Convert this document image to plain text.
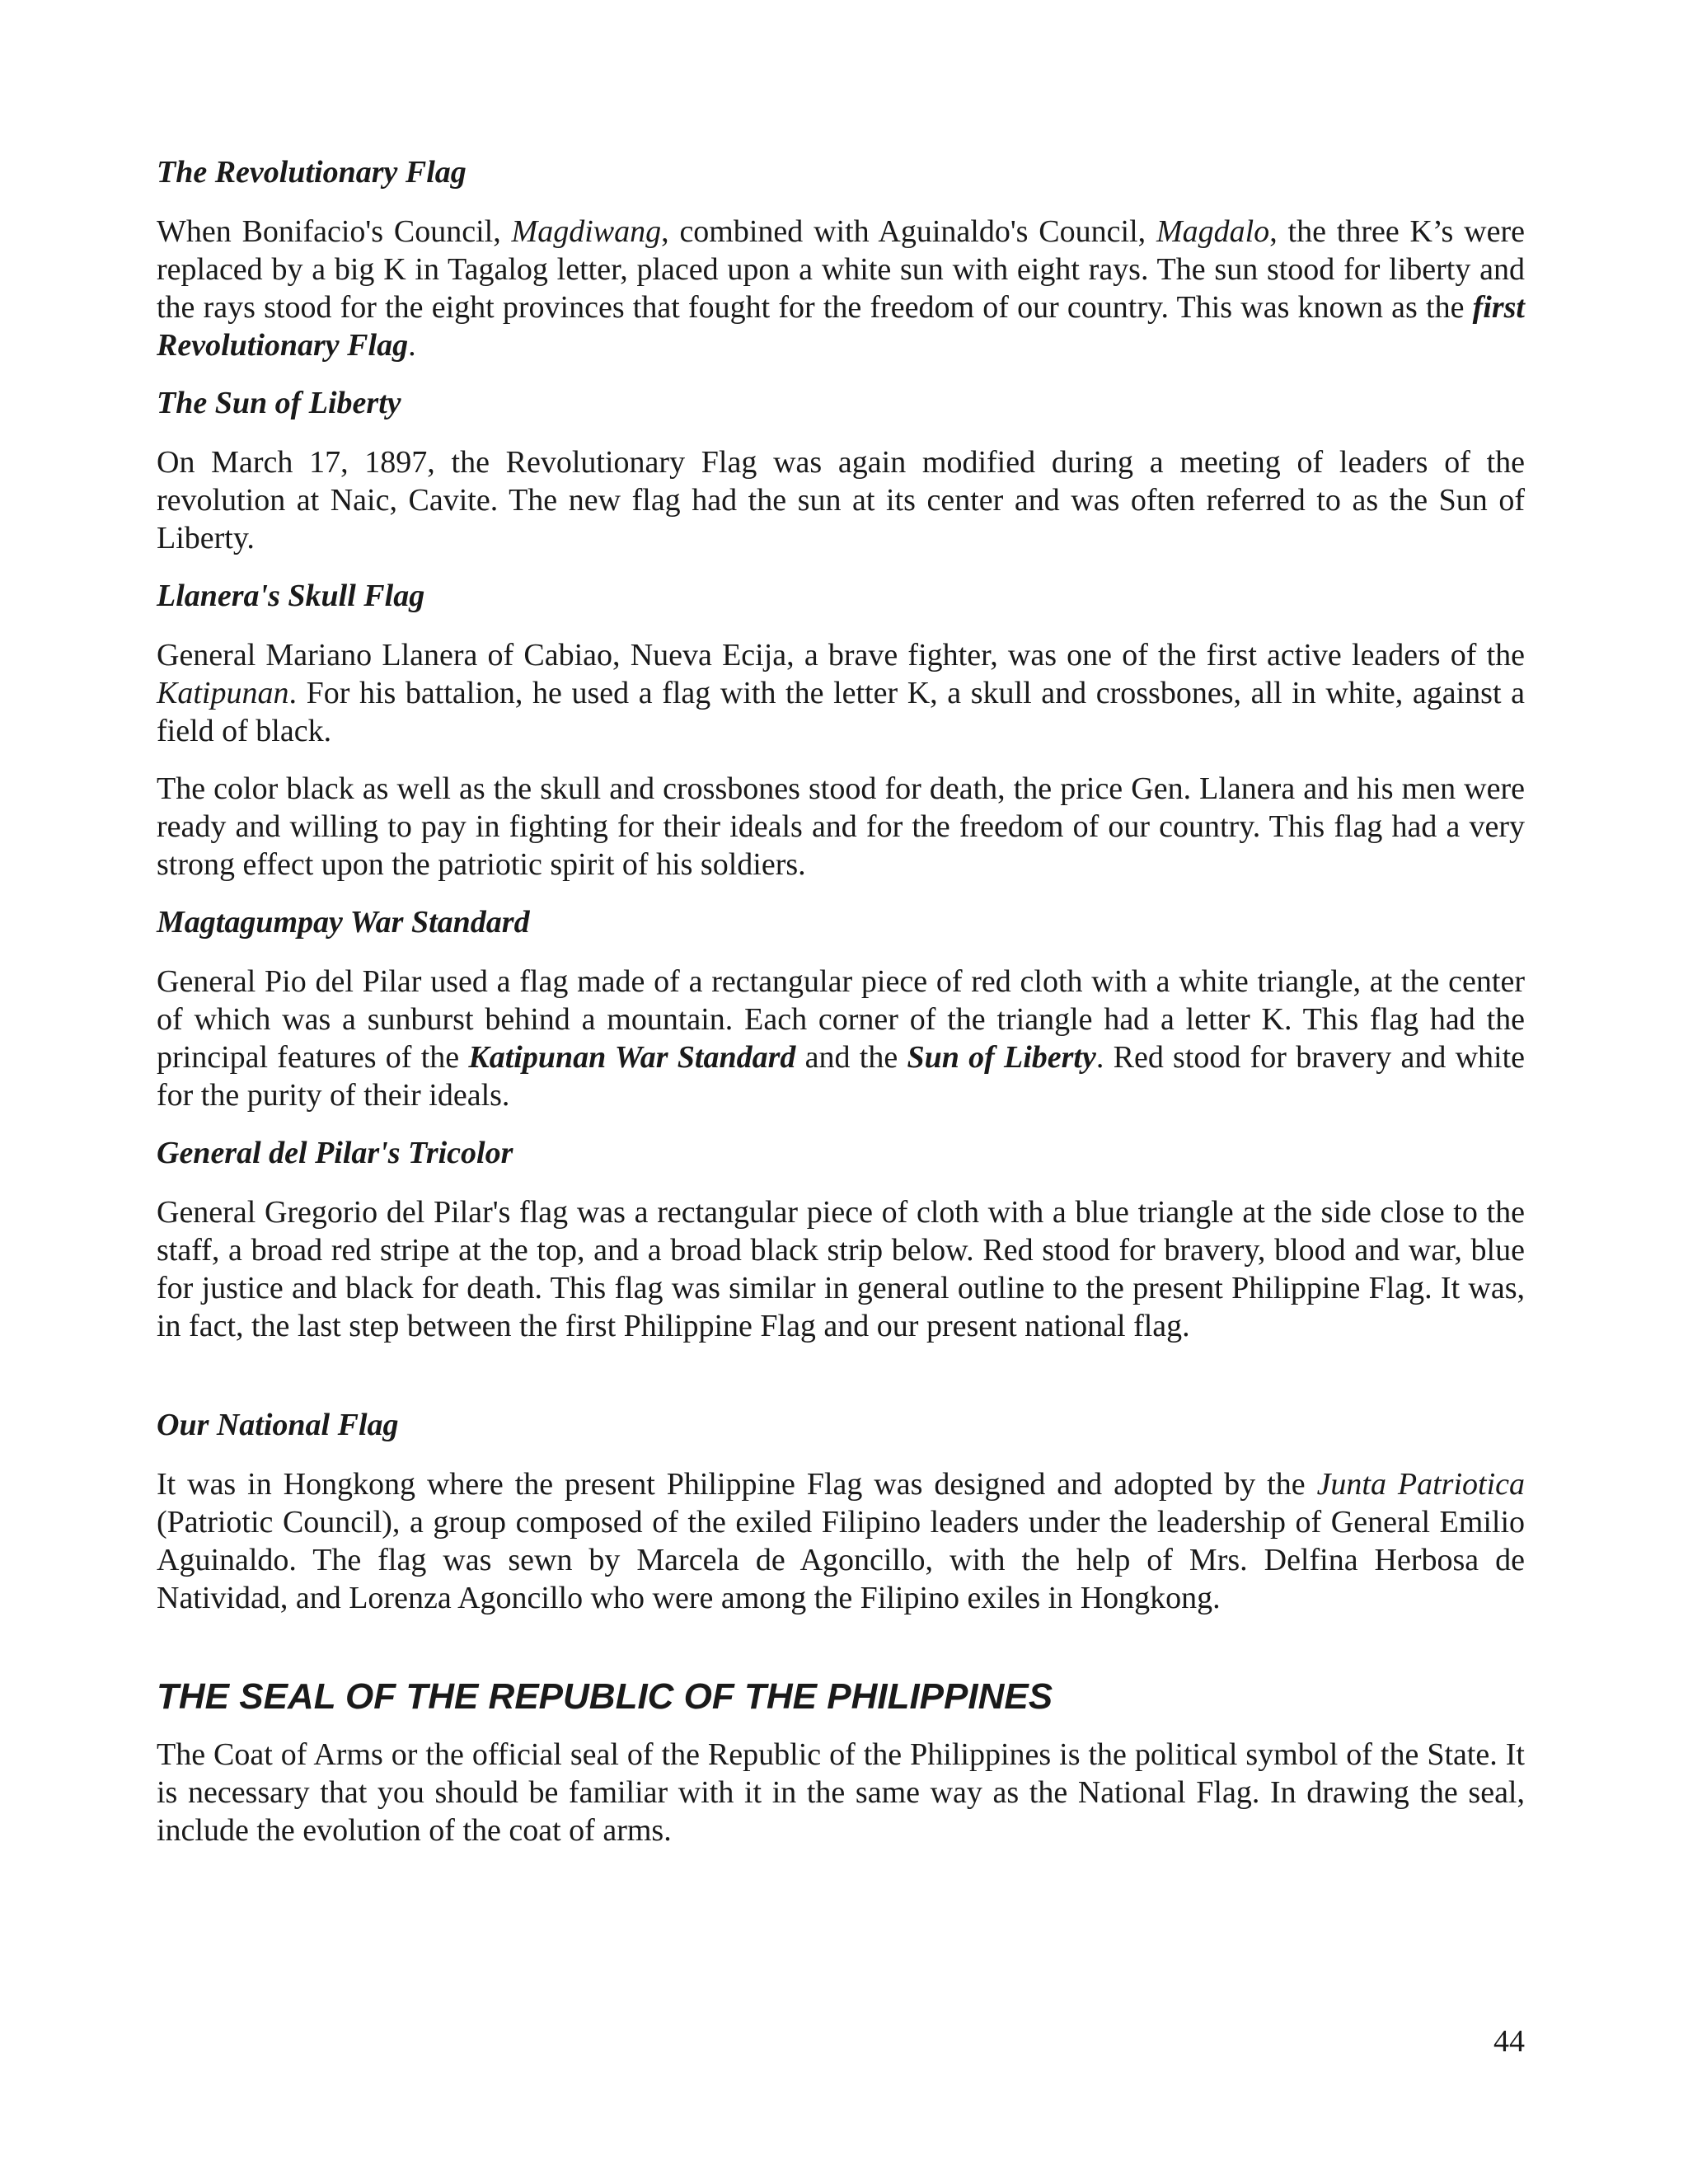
The Revolutionary Flag

When Bonifacio's Council, Magdiwang, combined with Aguinaldo's Council, Magdalo, the three K’s were replaced by a big K in Tagalog letter, placed upon a white sun with eight rays. The sun stood for liberty and the rays stood for the eight provinces that fought for the freedom of our country. This was known as the first Revolutionary Flag.

The Sun of Liberty

On March 17, 1897, the Revolutionary Flag was again modified during a meeting of leaders of the revolution at Naic, Cavite. The new flag had the sun at its center and was often referred to as the Sun of Liberty.

Llanera's Skull Flag

General Mariano Llanera of Cabiao, Nueva Ecija, a brave fighter, was one of the first active leaders of the Katipunan. For his battalion, he used a flag with the letter K, a skull and crossbones, all in white, against a field of black.

The color black as well as the skull and crossbones stood for death, the price Gen. Llanera and his men were ready and willing to pay in fighting for their ideals and for the freedom of our country. This flag had a very strong effect upon the patriotic spirit of his soldiers.

Magtagumpay War Standard

General Pio del Pilar used a flag made of a rectangular piece of red cloth with a white triangle, at the center of which was a sunburst behind a mountain. Each corner of the triangle had a letter K. This flag had the principal features of the Katipunan War Standard and the Sun of Liberty. Red stood for bravery and white for the purity of their ideals.

General del Pilar's Tricolor

General Gregorio del Pilar's flag was a rectangular piece of cloth with a blue triangle at the side close to the staff, a broad red stripe at the top, and a broad black strip below. Red stood for bravery, blood and war, blue for justice and black for death. This flag was similar in general outline to the present Philippine Flag. It was, in fact, the last step between the first Philippine Flag and our present national flag.

Our National Flag

It was in Hongkong where the present Philippine Flag was designed and adopted by the Junta Patriotica (Patriotic Council), a group composed of the exiled Filipino leaders under the leadership of General Emilio Aguinaldo. The flag was sewn by Marcela de Agoncillo, with the help of Mrs. Delfina Herbosa de Natividad, and Lorenza Agoncillo who were among the Filipino exiles in Hongkong.

THE SEAL OF THE REPUBLIC OF THE PHILIPPINES

The Coat of Arms or the official seal of the Republic of the Philippines is the political symbol of the State. It is necessary that you should be familiar with it in the same way as the National Flag. In drawing the seal, include the evolution of the coat of arms.

44
